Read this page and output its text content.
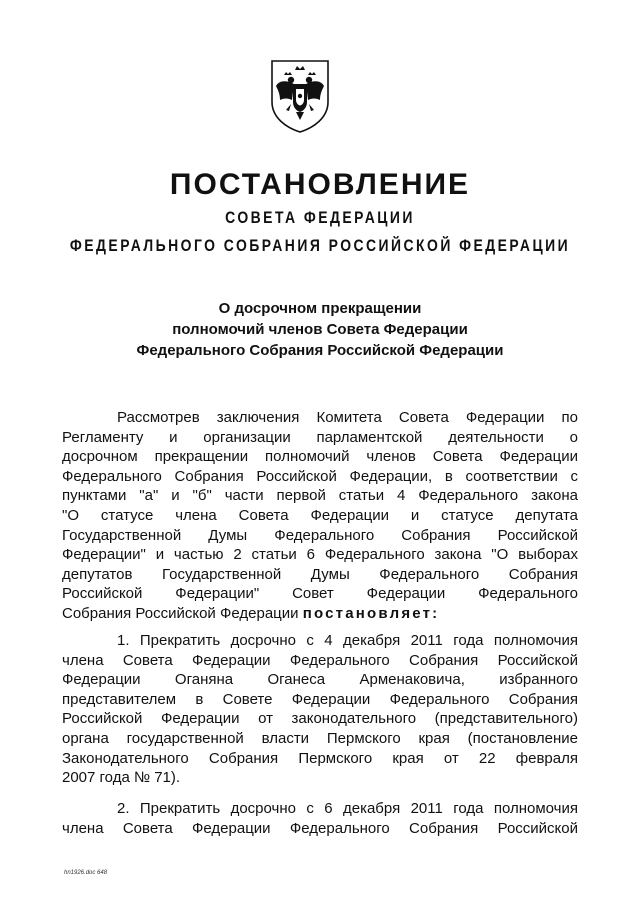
ПОСТАНОВЛЕНИЕ
СОВЕТА ФЕДЕРАЦИИ
ФЕДЕРАЛЬНОГО СОБРАНИЯ РОССИЙСКОЙ ФЕДЕРАЦИИ
О досрочном прекращении
полномочий членов Совета Федерации
Федерального Собрания Российской Федерации
Рассмотрев заключения Комитета Совета Федерации по
Регламенту и организации парламентской деятельности о
досрочном прекращении полномочий членов Совета Федерации
Федерального Собрания Российской Федерации, в соответствии с
пунктами "а" и "б" части первой статьи 4 Федерального закона
"О статусе члена Совета Федерации и статусе депутата
Государственной Думы Федерального Собрания Российской
Федерации" и частью 2 статьи 6 Федерального закона "О выборах
депутатов Государственной Думы Федерального Собрания
Российской Федерации" Совет Федерации Федерального
Собрания Российской Федерации постановляет:
1. Прекратить досрочно с 4 декабря 2011 года полномочия
члена Совета Федерации Федерального Собрания Российской
Федерации Оганяна Оганеса Арменаковича, избранного
представителем в Совете Федерации Федерального Собрания
Российской Федерации от законодательного (представительного)
органа государственной власти Пермского края (постановление
Законодательного Собрания Пермского края от 22 февраля
2007 года № 71).
2. Прекратить досрочно с 6 декабря 2011 года полномочия
члена Совета Федерации Федерального Собрания Российской
hn1926.doc 648
